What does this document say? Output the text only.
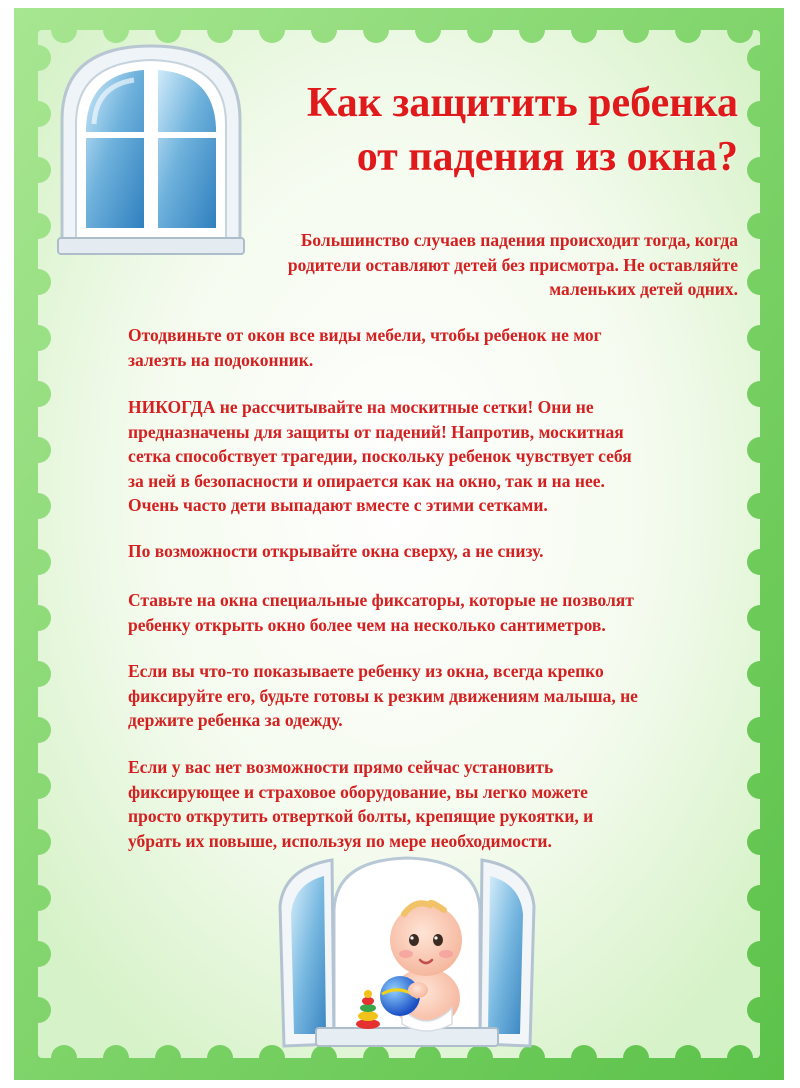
Как защитить ребенка
от падения из окна?

Большинство случаев падения происходит тогда, когда
родители оставляют детей без присмотра. Не оставляйте
маленьких детей одних.

Отодвиньте от окон все виды мебели, чтобы ребенок не мог
залезть на подоконник.

НИКОГДА не рассчитывайте на москитные сетки! Они не
предназначены для защиты от падений! Напротив, москитная
сетка способствует трагедии, поскольку ребенок чувствует себя
за ней в безопасности и опирается как на окно, так и на нее.
Очень часто дети выпадают вместе с этими сетками.

По возможности открывайте окна сверху, а не снизу.

Ставьте на окна специальные фиксаторы, которые не позволят
ребенку открыть окно более чем на несколько сантиметров.

Если вы что-то показываете ребенку из окна, всегда крепко
фиксируйте его, будьте готовы к резким движениям малыша, не
держите ребенка за одежду.

Если у вас нет возможности прямо сейчас установить
фиксирующее и страховое оборудование, вы легко можете
просто открутить отверткой болты, крепящие рукоятки, и
убрать их повыше, используя по мере необходимости.
